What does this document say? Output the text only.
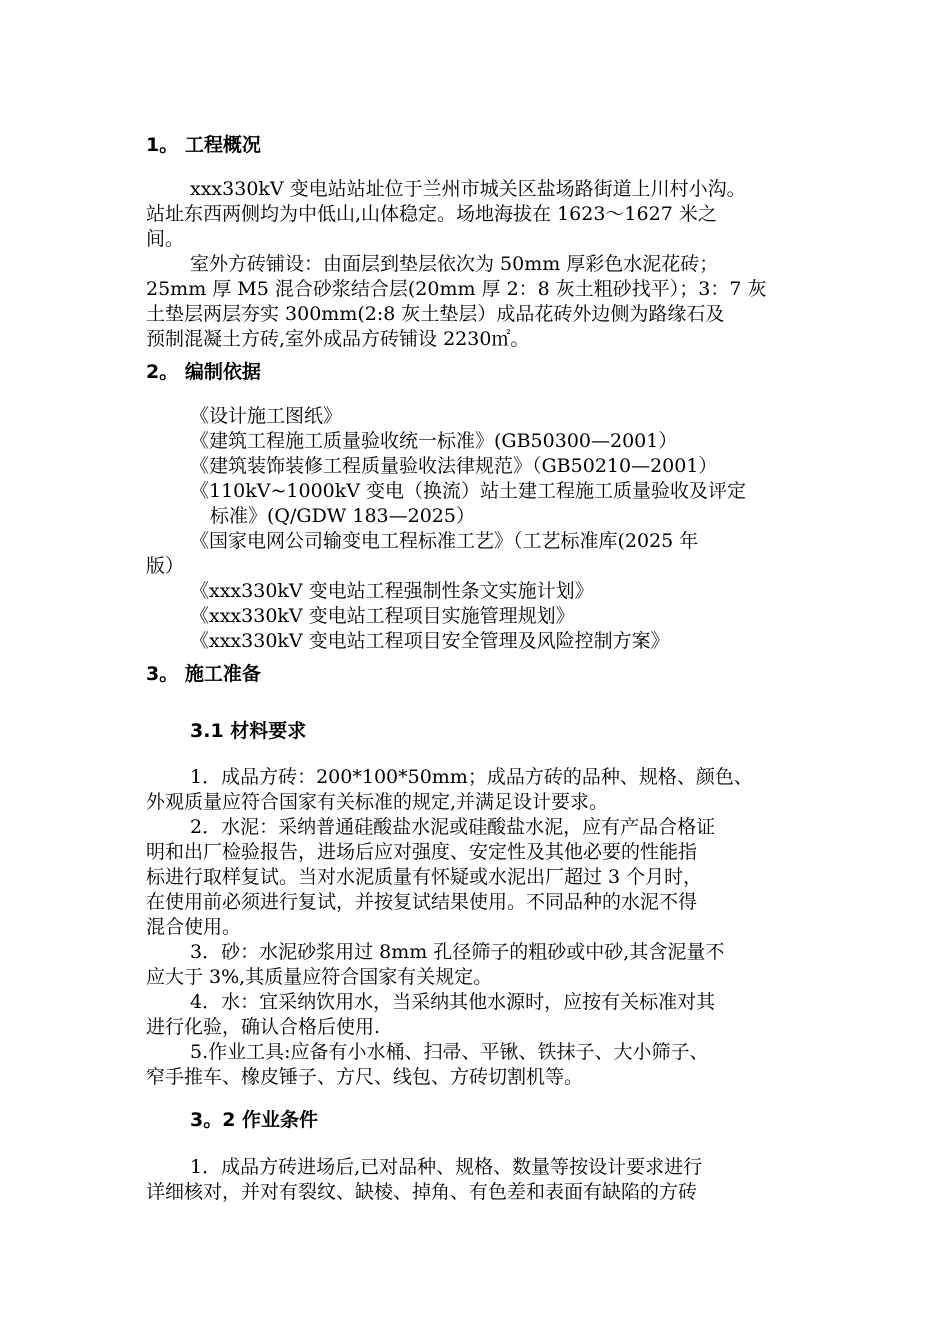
1。 工程概况
xxx330kV 变电站站址位于兰州市城关区盐场路街道上川村小沟。
站址东西两侧均为中低山,山体稳定。场地海拔在 1623～1627 米之
间。
室外方砖铺设：由面层到垫层依次为 50mm 厚彩色水泥花砖；
25mm 厚 M5 混合砂浆结合层(20mm 厚 2：8 灰土粗砂找平）；3：7 灰
土垫层两层夯实 300mm(2:8 灰土垫层）成品花砖外边侧为路缘石及
预制混凝土方砖,室外成品方砖铺设 2230㎡。
2。 编制依据
《设计施工图纸》
《建筑工程施工质量验收统一标准》(GB50300—2001）
《建筑装饰装修工程质量验收法律规范》（GB50210—2001）
《110kV~1000kV 变电（换流）站土建工程施工质量验收及评定
标准》(Q/GDW 183—2025）
《国家电网公司输变电工程标准工艺》（工艺标准库(2025 年
版）
《xxx330kV 变电站工程强制性条文实施计划》
《xxx330kV 变电站工程项目实施管理规划》
《xxx330kV 变电站工程项目安全管理及风险控制方案》
3。 施工准备
3.1 材料要求
1．成品方砖：200*100*50mm；成品方砖的品种、规格、颜色、
外观质量应符合国家有关标准的规定,并满足设计要求。
2．水泥：采纳普通硅酸盐水泥或硅酸盐水泥，应有产品合格证
明和出厂检验报告，进场后应对强度、安定性及其他必要的性能指
标进行取样复试。当对水泥质量有怀疑或水泥出厂超过 3 个月时，
在使用前必须进行复试，并按复试结果使用。不同品种的水泥不得
混合使用。
3．砂：水泥砂浆用过 8mm 孔径筛子的粗砂或中砂,其含泥量不
应大于 3%,其质量应符合国家有关规定。
4．水：宜采纳饮用水，当采纳其他水源时，应按有关标准对其
进行化验，确认合格后使用.
5.作业工具:应备有小水桶、扫帚、平锹、铁抹子、大小筛子、
窄手推车、橡皮锤子、方尺、线包、方砖切割机等。
3。2 作业条件
1．成品方砖进场后,已对品种、规格、数量等按设计要求进行
详细核对，并对有裂纹、缺棱、掉角、有色差和表面有缺陷的方砖
